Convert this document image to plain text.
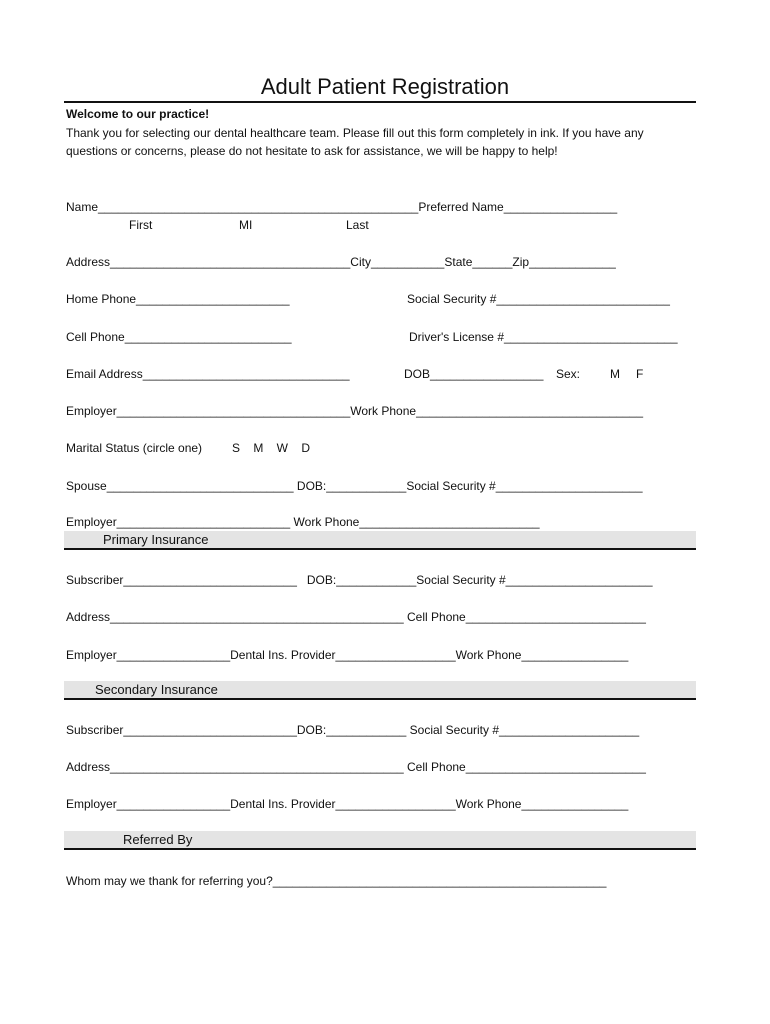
Adult Patient Registration
Welcome to our practice!
Thank you for selecting our dental healthcare team. Please fill out this form completely in ink. If you have any questions or concerns, please do not hesitate to ask for assistance, we will be happy to help!
Name________________________________________________Preferred Name_________________
First	MI	Last
Address____________________________________City___________State______Zip_____________
Home Phone_______________________	Social Security #__________________________
Cell Phone_________________________	Driver's License #__________________________
Email Address_______________________________	DOB_________________ Sex: M F
Employer___________________________________Work Phone__________________________________
Marital Status (circle one) S    M    W    D
Spouse____________________________ DOB:____________Social Security #______________________
Employer__________________________ Work Phone___________________________
Primary Insurance
Subscriber__________________________   DOB:____________Social Security #______________________
Address____________________________________________ Cell Phone___________________________
Employer_________________Dental Ins. Provider__________________Work Phone________________
Secondary Insurance
Subscriber__________________________DOB:____________ Social Security #_____________________
Address____________________________________________ Cell Phone___________________________
Employer_________________Dental Ins. Provider__________________Work Phone________________
Referred By
Whom may we thank for referring you?__________________________________________________
